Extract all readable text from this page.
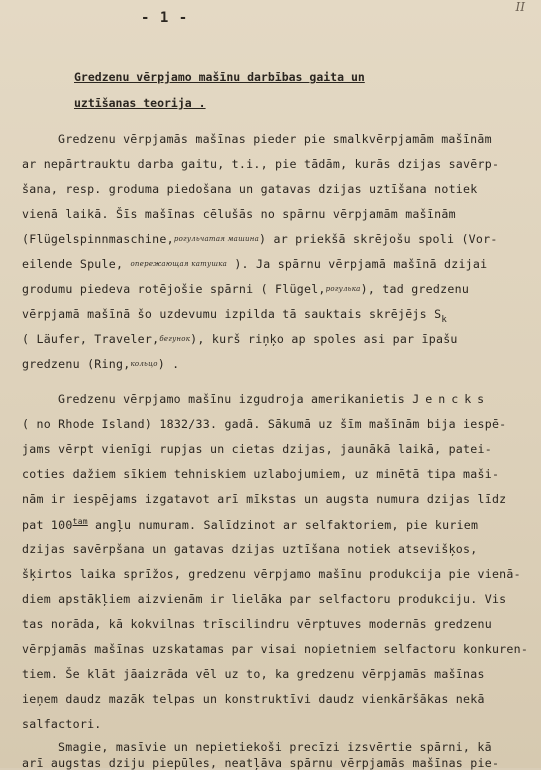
- 1 -
II
Gredzenu vērpjamo mašīnu darbības gaita un
uztīšanas teorija .
Gredzenu vērpjamās mašīnas pieder pie smalkvērpjamām mašīnām
ar nepārtrauktu darba gaitu, t.i., pie tādām, kurās dzijas savērp-
šana, resp. groduma piedošana un gatavas dzijas uztīšana notiek
vienā laikā. Šīs mašīnas cēlušās no spārnu vērpjamām mašīnām
(Flügelspinnmaschine,рогульчатая машина) ar priekšā skrējošu spoli (Vor-
eilende Spule, опережающая катушка ). Ja spārnu vērpjamā mašīnā dzijai
grodumu piedeva rotējošie spārni ( Flügel,рогулька), tad gredzenu
vērpjamā mašīnā šo uzdevumu izpilda tā sauktais skrējējs $S_k$
( Läufer, Traveler,бегунок), kurš riņķo ap spoles asi par īpašu
gredzenu (Ring,кольцо) .
Gredzenu vērpjamo mašīnu izgudroja amerikanietis Jencks
( no Rhode Island) 1832/33. gadā. Sākumā uz šīm mašīnām bija iespē-
jams vērpt vienīgi rupjas un cietas dzijas, jaunākā laikā, patei-
coties dažiem sīkiem tehniskiem uzlabojumiem, uz minētā tipa maši-
nām ir iespējams izgatavot arī mīkstas un augsta numura dzijas līdz
pat $100^{tam}$ angļu numuram. Salīdzinot ar selfaktoriem, pie kuriem
dzijas savērpšana un gatavas dzijas uztīšana notiek atsevišķos,
šķirtos laika sprīžos, gredzenu vērpjamo mašīnu produkcija pie vienā-
diem apstākļiem aizvienām ir lielāka par selfactoru produkciju. Vis
tas norāda, kā kokvilnas trīscilindru vērptuves modernās gredzenu
vērpjamās mašīnas uzskatamas par visai nopietniem selfactoru konkuren-
tiem. Še klāt jāaizrāda vēl uz to, ka gredzenu vērpjamās mašīnas
ieņem daudz mazāk telpas un konstruktīvi daudz vienkāršākas nekā
salfactori.
Smagie, masīvie un nepietiekoši precīzi izsvērtie spārni, kā
arī augstas dziju piepūles, neatļāva spārnu vērpjamās mašīnas pie-
